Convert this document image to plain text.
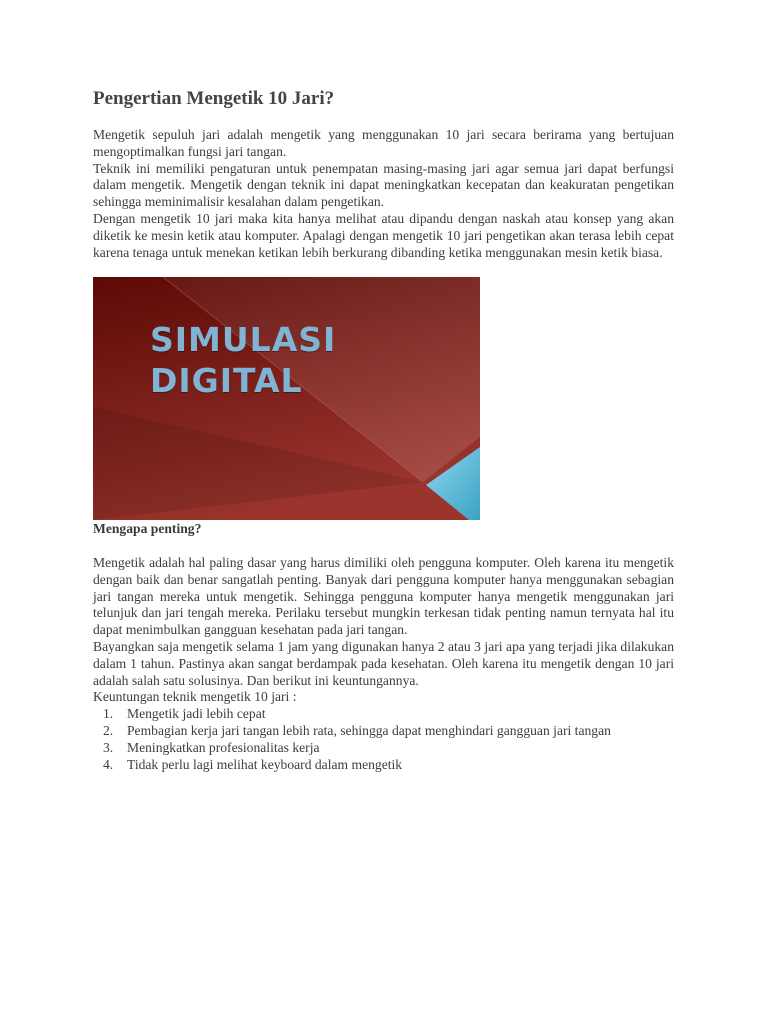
Pengertian Mengetik 10 Jari?

Mengetik sepuluh jari adalah mengetik yang menggunakan 10 jari secara berirama yang bertujuan mengoptimalkan fungsi jari tangan.

Teknik ini memiliki pengaturan untuk penempatan masing-masing jari agar semua jari dapat berfungsi dalam mengetik. Mengetik dengan teknik ini dapat meningkatkan kecepatan dan keakuratan pengetikan sehingga meminimalisir kesalahan dalam pengetikan.

Dengan mengetik 10 jari maka kita hanya melihat atau dipandu dengan naskah atau konsep yang akan diketik ke mesin ketik atau komputer. Apalagi dengan mengetik 10 jari pengetikan akan terasa lebih cepat karena tenaga untuk menekan ketikan lebih berkurang dibanding ketika menggunakan mesin ketik biasa.

SIMULASI
DIGITAL
Mengapa penting?

Mengetik adalah hal paling dasar yang harus dimiliki oleh pengguna komputer. Oleh karena itu mengetik dengan baik dan benar sangatlah penting. Banyak dari pengguna komputer hanya menggunakan sebagian jari tangan mereka untuk mengetik. Sehingga pengguna komputer hanya mengetik menggunakan jari telunjuk dan jari tengah mereka. Perilaku tersebut mungkin terkesan tidak penting namun ternyata hal itu dapat menimbulkan gangguan kesehatan pada jari tangan.

Bayangkan saja mengetik selama 1 jam yang digunakan hanya 2 atau 3 jari apa yang terjadi jika dilakukan dalam 1 tahun. Pastinya akan sangat berdampak pada kesehatan. Oleh karena itu mengetik dengan 10 jari adalah salah satu solusinya. Dan berikut ini keuntungannya.

Keuntungan teknik mengetik 10 jari :

1. Mengetik jadi lebih cepat
2. Pembagian kerja jari tangan lebih rata, sehingga dapat menghindari gangguan jari tangan
3. Meningkatkan profesionalitas kerja
4. Tidak perlu lagi melihat keyboard dalam mengetik
